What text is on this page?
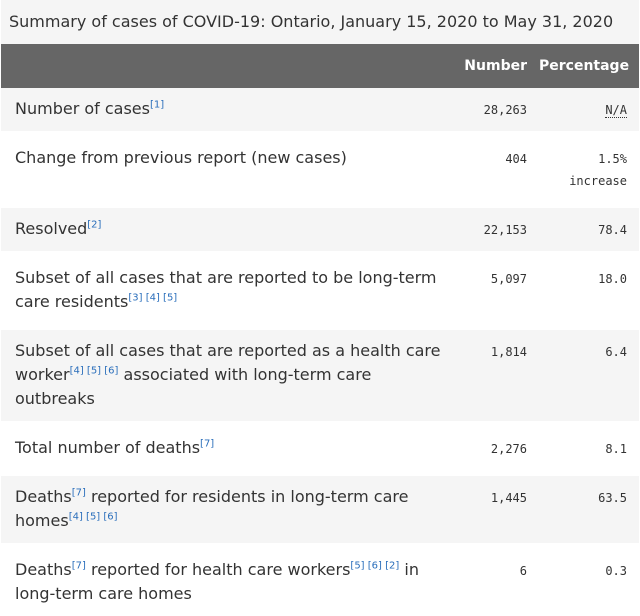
Summary of cases of COVID-19: Ontario, January 15, 2020 to May 31, 2020
	Number	Percentage
Number of cases[1]	28,263	N/A
Change from previous report (new cases)	404	1.5%
increase
Resolved[2]	22,153	78.4
Subset of all cases that are reported to be long-term care residents[3] [4] [5]	5,097	18.0
Subset of all cases that are reported as a health care worker[4] [5] [6] associated with long-term care outbreaks	1,814	6.4
Total number of deaths[7]	2,276	8.1
Deaths[7] reported for residents in long-term care homes[4] [5] [6]	1,445	63.5
Deaths[7] reported for health care workers[5] [6] [2] in long-term care homes	6	0.3
